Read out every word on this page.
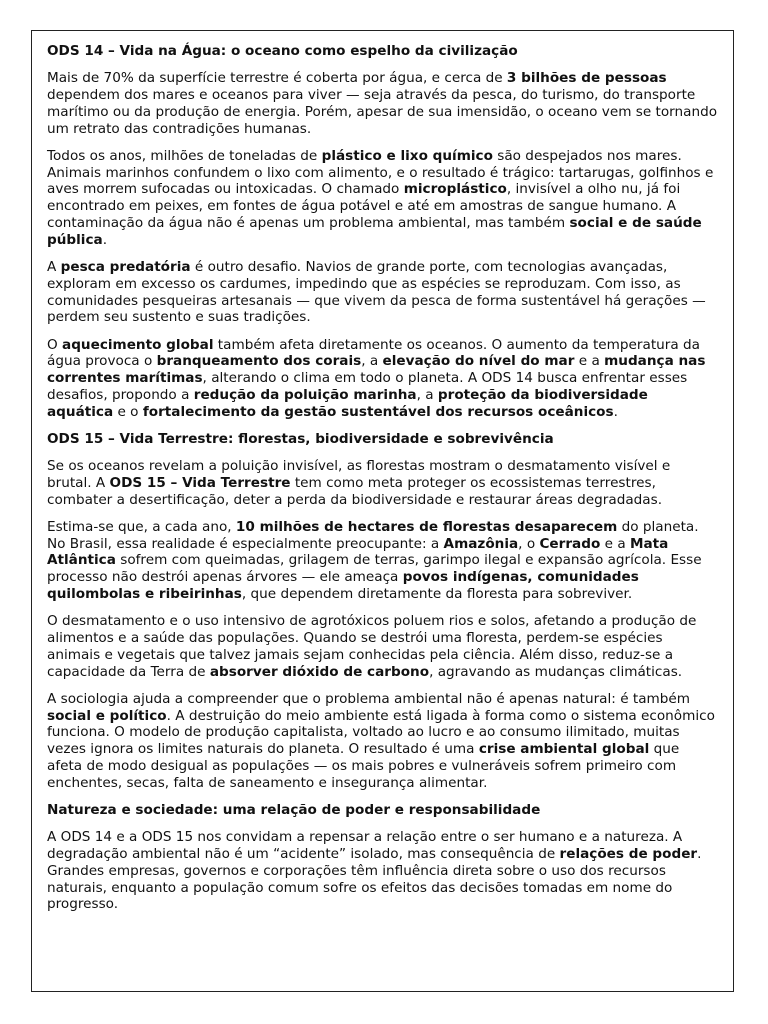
ODS 14 – Vida na Água: o oceano como espelho da civilização

Mais de 70% da superfície terrestre é coberta por água, e cerca de 3 bilhões de pessoas dependem dos mares e oceanos para viver — seja através da pesca, do turismo, do transporte marítimo ou da produção de energia. Porém, apesar de sua imensidão, o oceano vem se tornando um retrato das contradições humanas.

Todos os anos, milhões de toneladas de plástico e lixo químico são despejados nos mares. Animais marinhos confundem o lixo com alimento, e o resultado é trágico: tartarugas, golfinhos e aves morrem sufocadas ou intoxicadas. O chamado microplástico, invisível a olho nu, já foi encontrado em peixes, em fontes de água potável e até em amostras de sangue humano. A contaminação da água não é apenas um problema ambiental, mas também social e de saúde pública.

A pesca predatória é outro desafio. Navios de grande porte, com tecnologias avançadas, exploram em excesso os cardumes, impedindo que as espécies se reproduzam. Com isso, as comunidades pesqueiras artesanais — que vivem da pesca de forma sustentável há gerações — perdem seu sustento e suas tradições.

O aquecimento global também afeta diretamente os oceanos. O aumento da temperatura da água provoca o branqueamento dos corais, a elevação do nível do mar e a mudança nas correntes marítimas, alterando o clima em todo o planeta. A ODS 14 busca enfrentar esses desafios, propondo a redução da poluição marinha, a proteção da biodiversidade aquática e o fortalecimento da gestão sustentável dos recursos oceânicos.

ODS 15 – Vida Terrestre: florestas, biodiversidade e sobrevivência

Se os oceanos revelam a poluição invisível, as florestas mostram o desmatamento visível e brutal. A ODS 15 – Vida Terrestre tem como meta proteger os ecossistemas terrestres, combater a desertificação, deter a perda da biodiversidade e restaurar áreas degradadas.

Estima-se que, a cada ano, 10 milhões de hectares de florestas desaparecem do planeta. No Brasil, essa realidade é especialmente preocupante: a Amazônia, o Cerrado e a Mata Atlântica sofrem com queimadas, grilagem de terras, garimpo ilegal e expansão agrícola. Esse processo não destrói apenas árvores — ele ameaça povos indígenas, comunidades quilombolas e ribeirinhas, que dependem diretamente da floresta para sobreviver.

O desmatamento e o uso intensivo de agrotóxicos poluem rios e solos, afetando a produção de alimentos e a saúde das populações. Quando se destrói uma floresta, perdem-se espécies animais e vegetais que talvez jamais sejam conhecidas pela ciência. Além disso, reduz-se a capacidade da Terra de absorver dióxido de carbono, agravando as mudanças climáticas.

A sociologia ajuda a compreender que o problema ambiental não é apenas natural: é também social e político. A destruição do meio ambiente está ligada à forma como o sistema econômico funciona. O modelo de produção capitalista, voltado ao lucro e ao consumo ilimitado, muitas vezes ignora os limites naturais do planeta. O resultado é uma crise ambiental global que afeta de modo desigual as populações — os mais pobres e vulneráveis sofrem primeiro com enchentes, secas, falta de saneamento e insegurança alimentar.

Natureza e sociedade: uma relação de poder e responsabilidade

A ODS 14 e a ODS 15 nos convidam a repensar a relação entre o ser humano e a natureza. A degradação ambiental não é um “acidente” isolado, mas consequência de relações de poder. Grandes empresas, governos e corporações têm influência direta sobre o uso dos recursos naturais, enquanto a população comum sofre os efeitos das decisões tomadas em nome do progresso.
